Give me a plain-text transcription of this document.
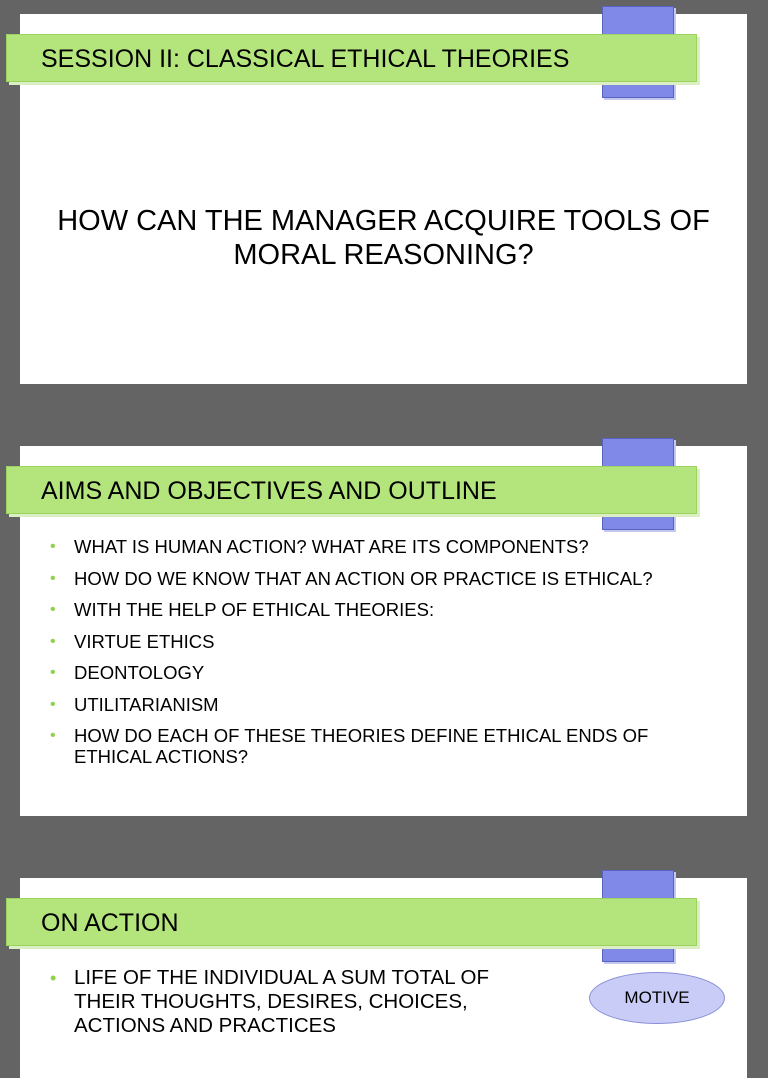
SESSION II: CLASSICAL ETHICAL THEORIES
HOW CAN THE MANAGER ACQUIRE TOOLS OF MORAL REASONING?
AIMS AND OBJECTIVES AND OUTLINE
• WHAT IS HUMAN ACTION? WHAT ARE ITS COMPONENTS?
• HOW DO WE KNOW THAT AN ACTION OR PRACTICE IS ETHICAL?
• WITH THE HELP OF ETHICAL THEORIES:
• VIRTUE ETHICS
• DEONTOLOGY
• UTILITARIANISM
• HOW DO EACH OF THESE THEORIES DEFINE ETHICAL ENDS OF ETHICAL ACTIONS?
ON ACTION
• LIFE OF THE INDIVIDUAL A SUM TOTAL OF THEIR THOUGHTS, DESIRES, CHOICES, ACTIONS AND PRACTICES
MOTIVE
